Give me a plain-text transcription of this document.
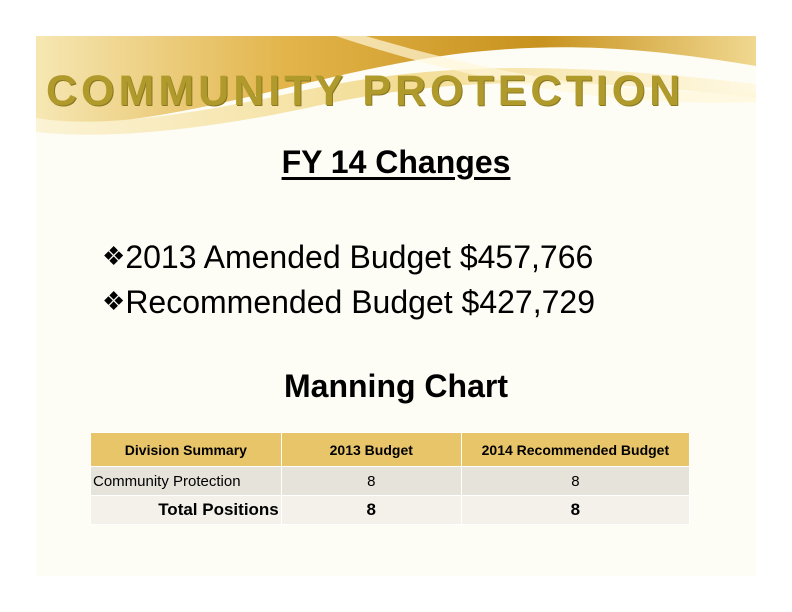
COMMUNITY PROTECTION
FY 14 Changes
❖2013 Amended Budget $457,766
❖Recommended Budget $427,729
Manning Chart
Division Summary	2013 Budget	2014 Recommended Budget
Community Protection	8	8
Total Positions	8	8
